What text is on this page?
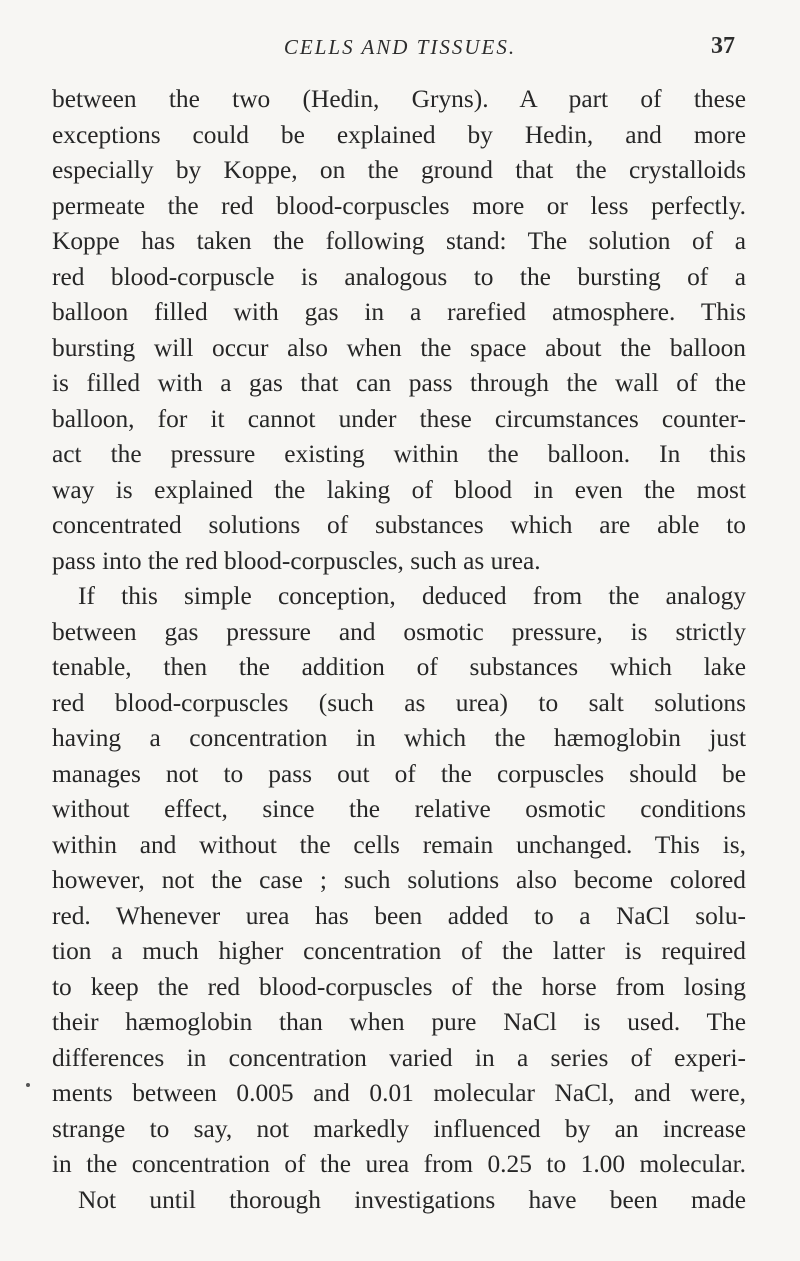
CELLS AND TISSUES.	37
between the two (Hedin, Gryns). A part of these
exceptions could be explained by Hedin, and more
especially by Koppe, on the ground that the crystalloids
permeate the red blood-corpuscles more or less perfectly.
Koppe has taken the following stand: The solution of a
red blood-corpuscle is analogous to the bursting of a
balloon filled with gas in a rarefied atmosphere. This
bursting will occur also when the space about the balloon
is filled with a gas that can pass through the wall of the
balloon, for it cannot under these circumstances counter-
act the pressure existing within the balloon. In this
way is explained the laking of blood in even the most
concentrated solutions of substances which are able to
pass into the red blood-corpuscles, such as urea.
If this simple conception, deduced from the analogy
between gas pressure and osmotic pressure, is strictly
tenable, then the addition of substances which lake
red blood-corpuscles (such as urea) to salt solutions
having a concentration in which the hæmoglobin just
manages not to pass out of the corpuscles should be
without effect, since the relative osmotic conditions
within and without the cells remain unchanged. This is,
however, not the case ; such solutions also become colored
red. Whenever urea has been added to a NaCl solu-
tion a much higher concentration of the latter is required
to keep the red blood-corpuscles of the horse from losing
their hæmoglobin than when pure NaCl is used. The
differences in concentration varied in a series of experi-
ments between 0.005 and 0.01 molecular NaCl, and were,
strange to say, not markedly influenced by an increase
in the concentration of the urea from 0.25 to 1.00 molecular.
Not until thorough investigations have been made
